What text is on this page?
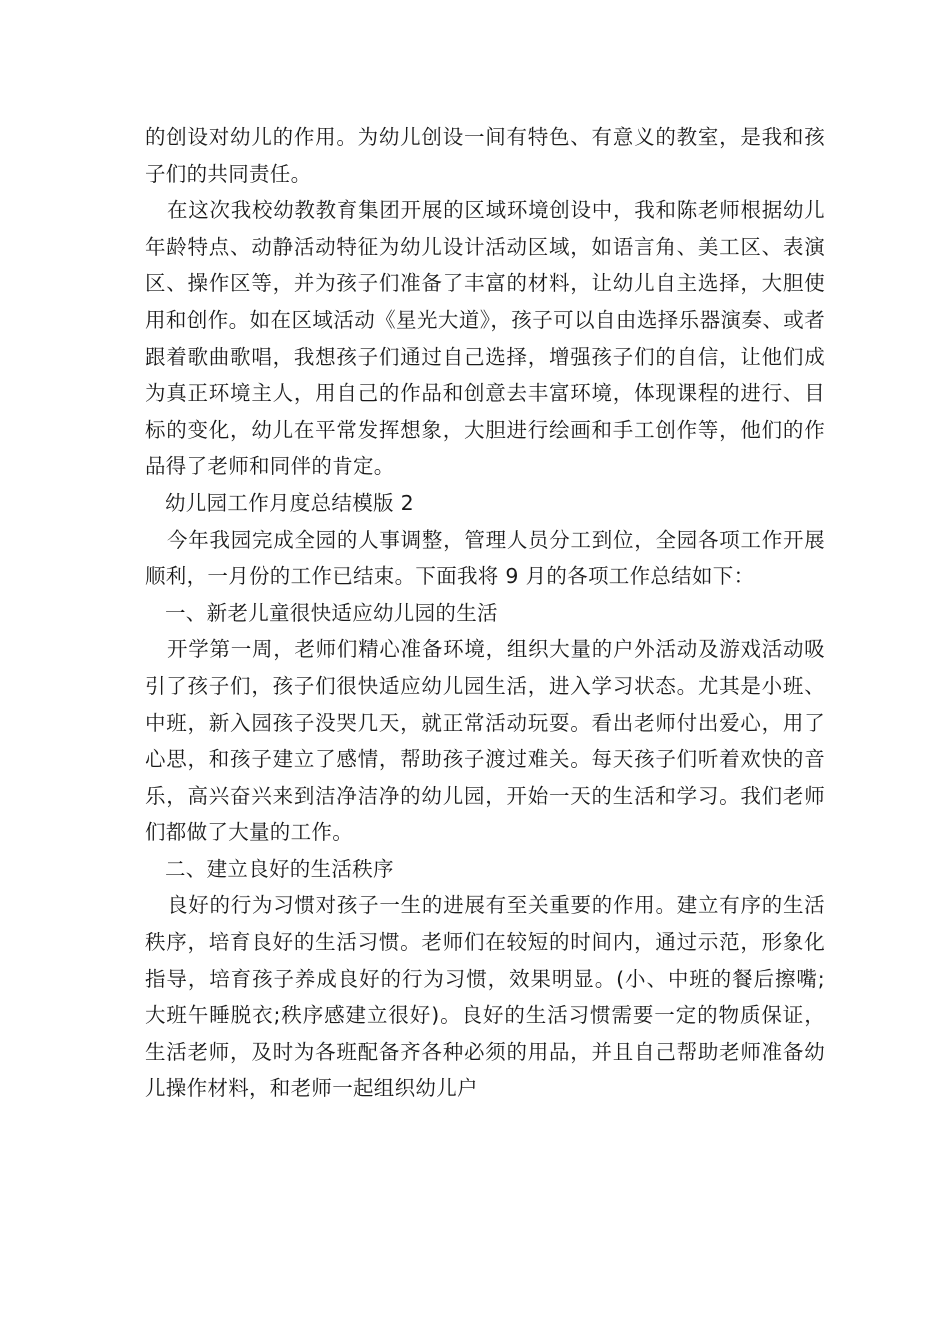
的创设对幼儿的作用。为幼儿创设一间有特色、有意义的教室，是我和孩子们的共同责任。

在这次我校幼教教育集团开展的区域环境创设中，我和陈老师根据幼儿年龄特点、动静活动特征为幼儿设计活动区域，如语言角、美工区、表演区、操作区等，并为孩子们准备了丰富的材料，让幼儿自主选择，大胆使用和创作。如在区域活动《星光大道》，孩子可以自由选择乐器演奏、或者跟着歌曲歌唱，我想孩子们通过自己选择，增强孩子们的自信，让他们成为真正环境主人，用自己的作品和创意去丰富环境，体现课程的进行、目标的变化，幼儿在平常发挥想象，大胆进行绘画和手工创作等，他们的作品得了老师和同伴的肯定。

幼儿园工作月度总结模版 2

今年我园完成全园的人事调整，管理人员分工到位，全园各项工作开展顺利，一月份的工作已结束。下面我将 9 月的各项工作总结如下：

一、新老儿童很快适应幼儿园的生活

开学第一周，老师们精心准备环境，组织大量的户外活动及游戏活动吸引了孩子们，孩子们很快适应幼儿园生活，进入学习状态。尤其是小班、中班，新入园孩子没哭几天，就正常活动玩耍。看出老师付出爱心，用了心思，和孩子建立了感情，帮助孩子渡过难关。每天孩子们听着欢快的音乐，高兴奋兴来到洁净洁净的幼儿园，开始一天的生活和学习。我们老师们都做了大量的工作。

二、建立良好的生活秩序

良好的行为习惯对孩子一生的进展有至关重要的作用。建立有序的生活秩序，培育良好的生活习惯。老师们在较短的时间内，通过示范，形象化指导，培育孩子养成良好的行为习惯，效果明显。(小、中班的餐后擦嘴;大班午睡脱衣;秩序感建立很好)。良好的生活习惯需要一定的物质保证，生活老师，及时为各班配备齐各种必须的用品，并且自己帮助老师准备幼儿操作材料，和老师一起组织幼儿户
